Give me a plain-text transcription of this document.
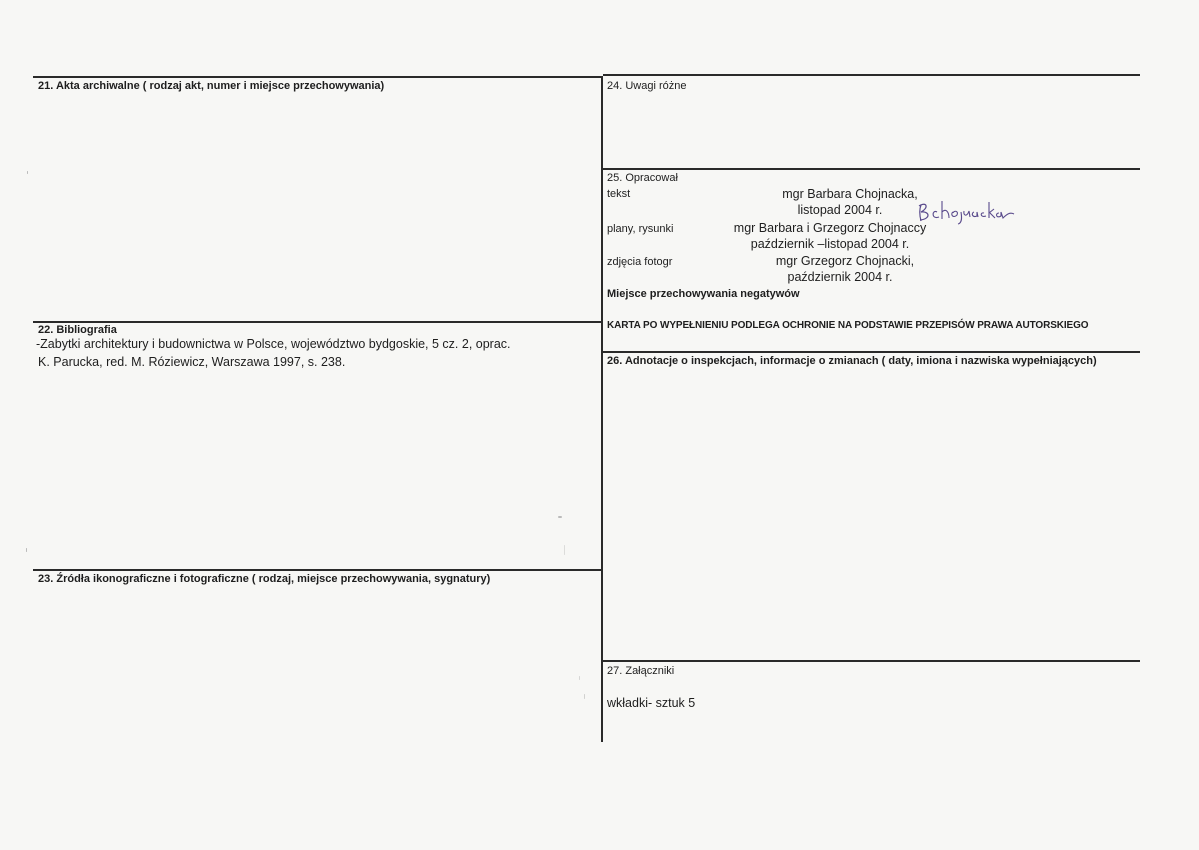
21. Akta archiwalne ( rodzaj akt, numer i miejsce przechowywania)
22. Bibliografia
-Zabytki architektury i budownictwa w Polsce, województwo bydgoskie, 5 cz. 2, oprac.
K. Parucka, red. M. Róziewicz, Warszawa 1997, s. 238.
23. Źródła ikonograficzne i fotograficzne ( rodzaj, miejsce przechowywania, sygnatury)
24. Uwagi różne
25. Opracował
tekst	mgr Barbara Chojnacka,
listopad 2004 r.
plany, rysunki	mgr Barbara i Grzegorz Chojnaccy
październik –listopad 2004 r.
zdjęcia fotogr	mgr Grzegorz Chojnacki,
październik 2004 r.
Miejsce przechowywania negatywów
KARTA PO WYPEŁNIENIU PODLEGA OCHRONIE NA PODSTAWIE PRZEPISÓW PRAWA AUTORSKIEGO
26. Adnotacje o inspekcjach, informacje o zmianach ( daty, imiona i nazwiska wypełniających)
27. Załączniki
wkładki- sztuk 5
